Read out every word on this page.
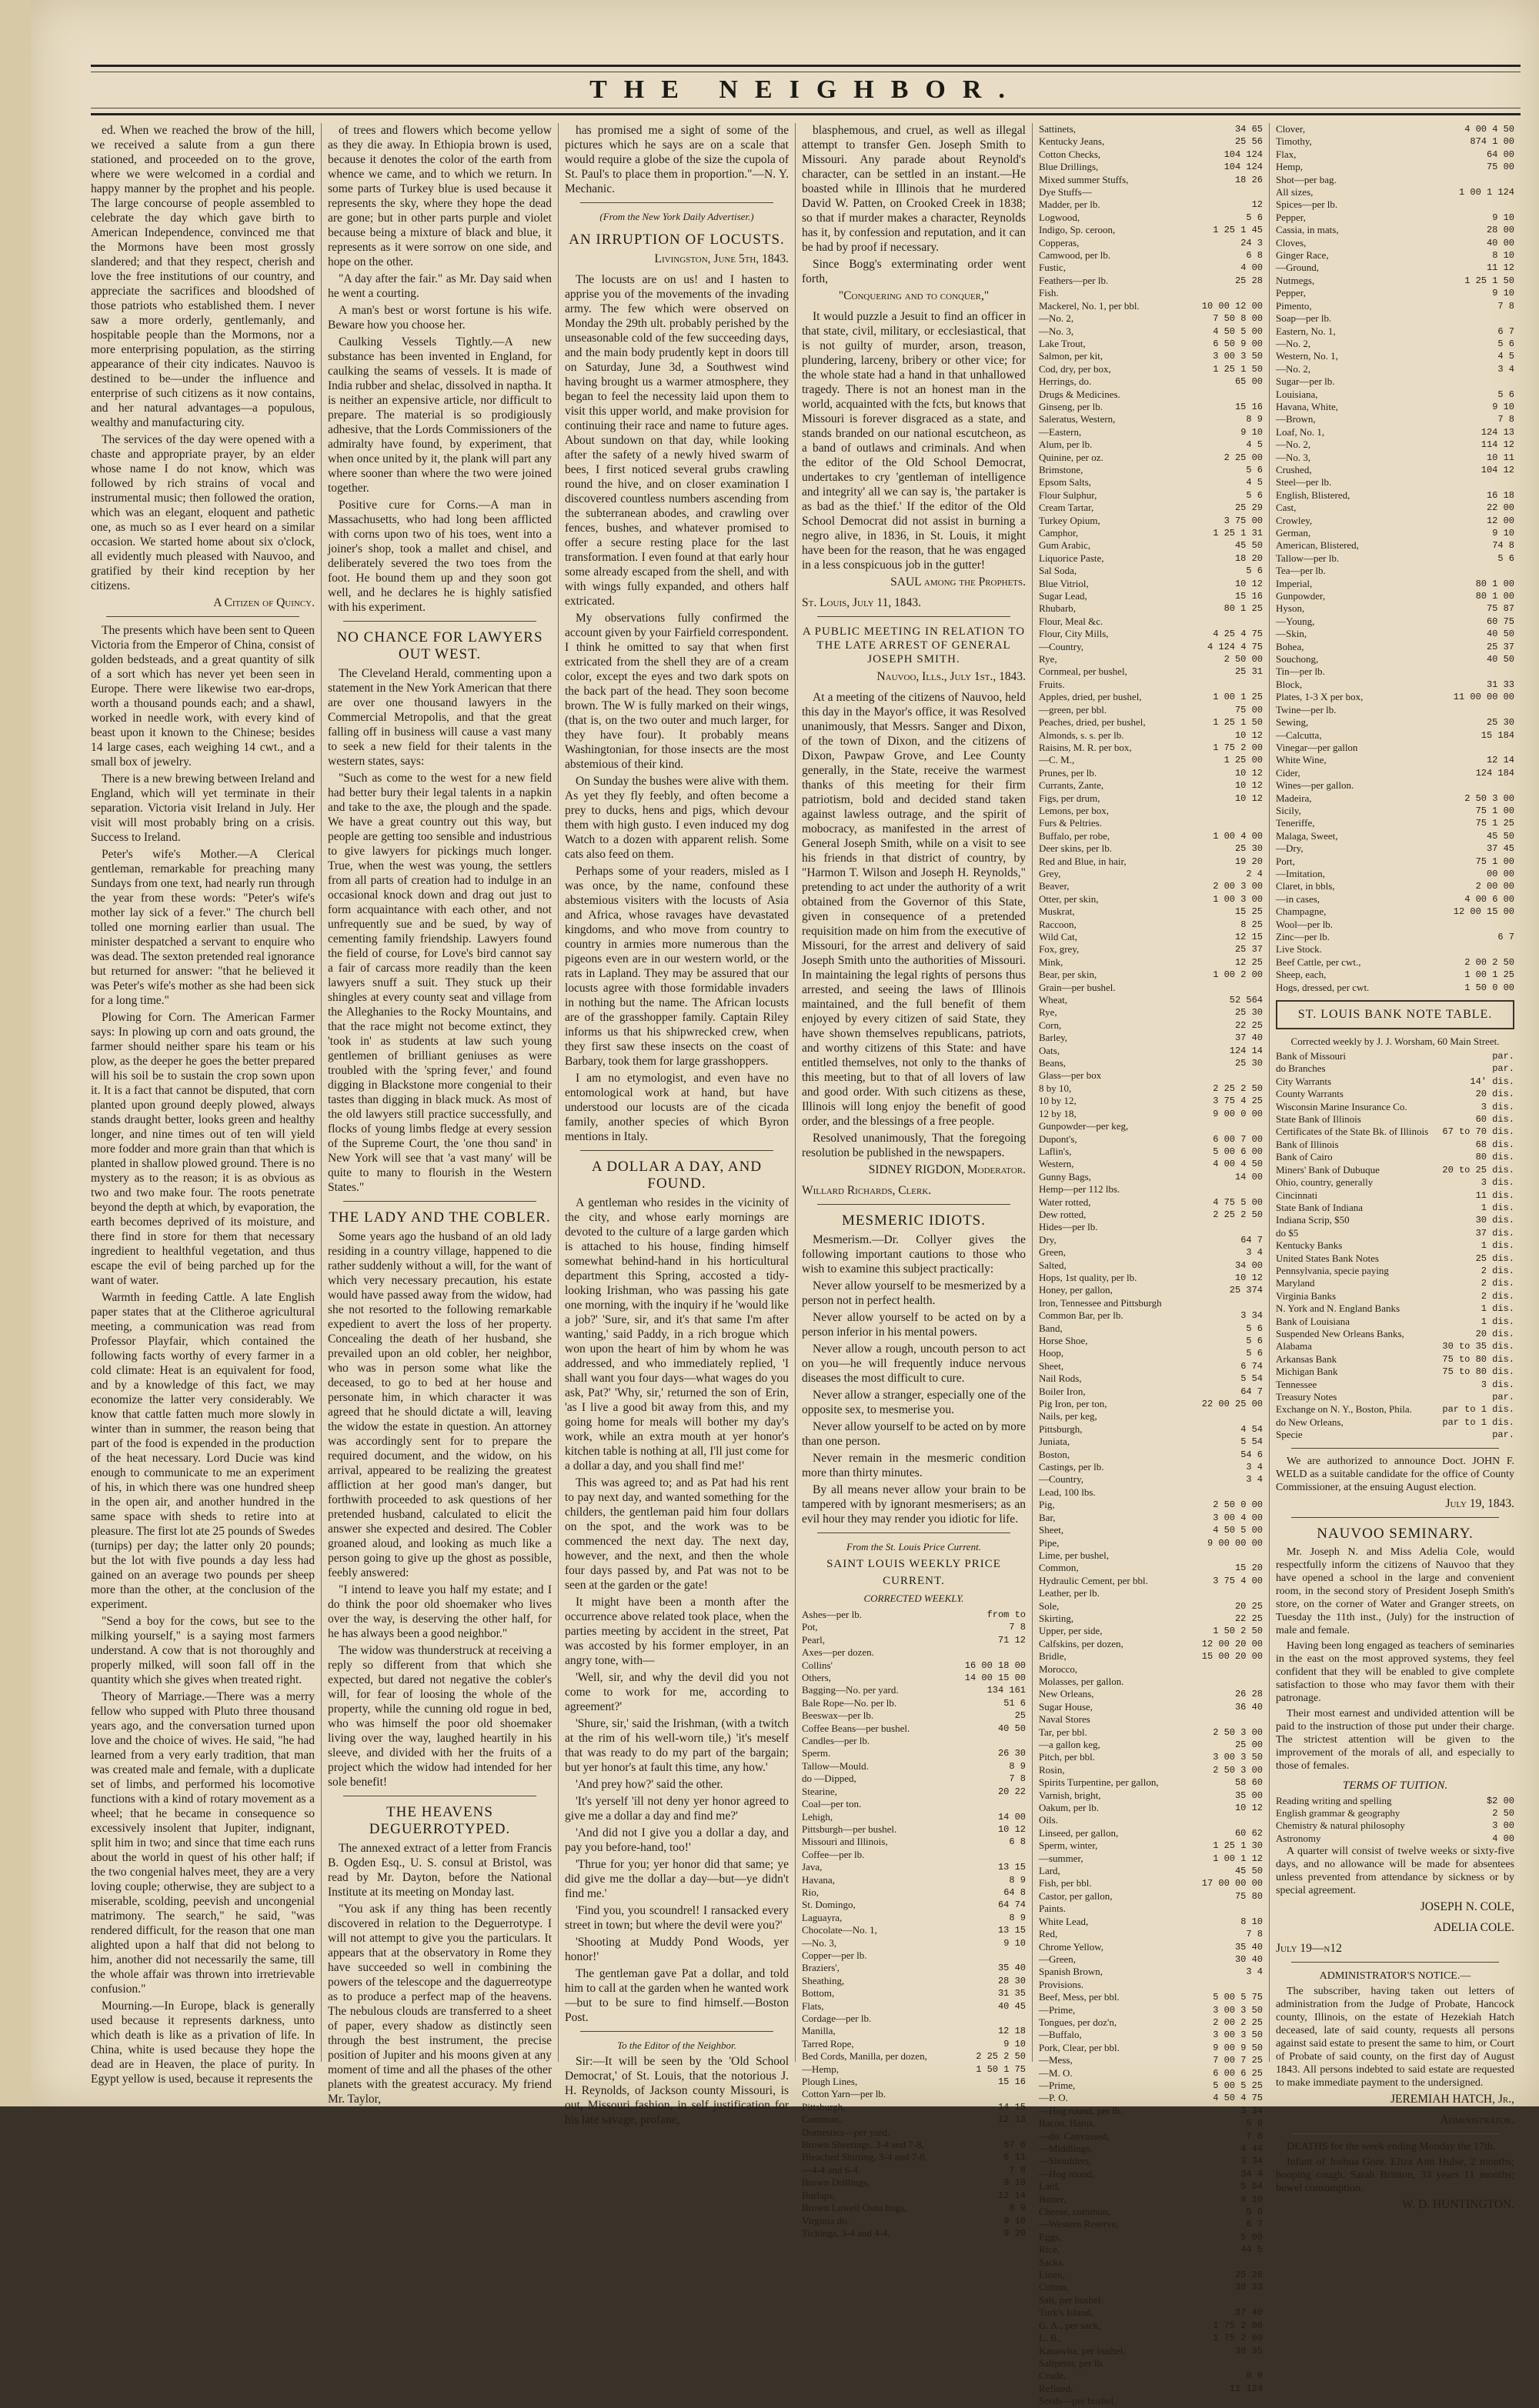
THE NEIGHBOR.

ed. When we reached the brow of the hill, we received a salute from a gun there stationed, and proceeded on to the grove, where we were welcomed in a cordial and happy manner by the prophet and his people. The large concourse of people assembled to celebrate the day which gave birth to American Independence, convinced me that the Mormons have been most grossly slandered; and that they respect, cherish and love the free institutions of our country, and appreciate the sacrifices and bloodshed of those patriots who established them. I never saw a more orderly, gentlemanly, and hospitable people than the Mormons, nor a more enterprising population, as the stirring appearance of their city indicates. Nauvoo is destined to be—under the influence and enterprise of such citizens as it now contains, and her natural advantages—a populous, wealthy and manufacturing city.

The services of the day were opened with a chaste and appropriate prayer, by an elder whose name I do not know, which was followed by rich strains of vocal and instrumental music; then followed the oration, which was an elegant, eloquent and pathetic one, as much so as I ever heard on a similar occasion. We started home about six o'clock, all evidently much pleased with Nauvoo, and gratified by their kind reception by her citizens.

A Citizen of Quincy.

The presents which have been sent to Queen Victoria from the Emperor of China, consist of golden bedsteads, and a great quantity of silk of a sort which has never yet been seen in Europe. There were likewise two ear-drops, worth a thousand pounds each; and a shawl, worked in needle work, with every kind of beast upon it known to the Chinese; besides 14 large cases, each weighing 14 cwt., and a small box of jewelry.

There is a new brewing between Ireland and England, which will yet terminate in their separation. Victoria visit Ireland in July. Her visit will most probably bring on a crisis. Success to Ireland.

Peter's wife's Mother.—A Clerical gentleman, remarkable for preaching many Sundays from one text, had nearly run through the year from these words: "Peter's wife's mother lay sick of a fever." The church bell tolled one morning earlier than usual. The minister despatched a servant to enquire who was dead. The sexton pretended real ignorance but returned for answer: "that he believed it was Peter's wife's mother as she had been sick for a long time."

Plowing for Corn. The American Farmer says: In plowing up corn and oats ground, the farmer should neither spare his team or his plow, as the deeper he goes the better prepared will his soil be to sustain the crop sown upon it. It is a fact that cannot be disputed, that corn planted upon ground deeply plowed, always stands draught better, looks green and healthy longer, and nine times out of ten will yield more fodder and more grain than that which is planted in shallow plowed ground. There is no mystery as to the reason; it is as obvious as two and two make four. The roots penetrate beyond the depth at which, by evaporation, the earth becomes deprived of its moisture, and there find in store for them that necessary ingredient to healthful vegetation, and thus escape the evil of being parched up for the want of water.

Warmth in feeding Cattle. A late English paper states that at the Clitheroe agricultural meeting, a communication was read from Professor Playfair, which contained the following facts worthy of every farmer in a cold climate: Heat is an equivalent for food, and by a knowledge of this fact, we may economize the latter very considerably. We know that cattle fatten much more slowly in winter than in summer, the reason being that part of the food is expended in the production of the heat necessary. Lord Ducie was kind enough to communicate to me an experiment of his, in which there was one hundred sheep in the open air, and another hundred in the same space with sheds to retire into at pleasure. The first lot ate 25 pounds of Swedes (turnips) per day; the latter only 20 pounds; but the lot with five pounds a day less had gained on an average two pounds per sheep more than the other, at the conclusion of the experiment.

"Send a boy for the cows, but see to the milking yourself," is a saying most farmers understand. A cow that is not thoroughly and properly milked, will soon fall off in the quantity which she gives when treated right.

Theory of Marriage.—There was a merry fellow who supped with Pluto three thousand years ago, and the conversation turned upon love and the choice of wives. He said, "he had learned from a very early tradition, that man was created male and female, with a duplicate set of limbs, and performed his locomotive functions with a kind of rotary movement as a wheel; that he became in consequence so excessively insolent that Jupiter, indignant, split him in two; and since that time each runs about the world in quest of his other half; if the two congenial halves meet, they are a very loving couple; otherwise, they are subject to a miserable, scolding, peevish and uncongenial matrimony. The search," he said, "was rendered difficult, for the reason that one man alighted upon a half that did not belong to him, another did not necessarily the same, till the whole affair was thrown into irretrievable confusion."

Mourning.—In Europe, black is generally used because it represents darkness, unto which death is like as a privation of life. In China, white is used because they hope the dead are in Heaven, the place of purity. In Egypt yellow is used, because it represents the

of trees and flowers which become yellow as they die away. In Ethiopia brown is used, because it denotes the color of the earth from whence we came, and to which we return. In some parts of Turkey blue is used because it represents the sky, where they hope the dead are gone; but in other parts purple and violet because being a mixture of black and blue, it represents as it were sorrow on one side, and hope on the other.

"A day after the fair." as Mr. Day said when he went a courting.

A man's best or worst fortune is his wife. Beware how you choose her.

Caulking Vessels Tightly.—A new substance has been invented in England, for caulking the seams of vessels. It is made of India rubber and shelac, dissolved in naptha. It is neither an expensive article, nor difficult to prepare. The material is so prodigiously adhesive, that the Lords Commissioners of the admiralty have found, by experiment, that when once united by it, the plank will part any where sooner than where the two were joined together.

Positive cure for Corns.—A man in Massachusetts, who had long been afflicted with corns upon two of his toes, went into a joiner's shop, took a mallet and chisel, and deliberately severed the two toes from the foot. He bound them up and they soon got well, and he declares he is highly satisfied with his experiment.

NO CHANCE FOR LAWYERS OUT WEST.

The Cleveland Herald, commenting upon a statement in the New York American that there are over one thousand lawyers in the Commercial Metropolis, and that the great falling off in business will cause a vast many to seek a new field for their talents in the western states, says:

"Such as come to the west for a new field had better bury their legal talents in a napkin and take to the axe, the plough and the spade. We have a great country out this way, but people are getting too sensible and industrious to give lawyers for pickings much longer. True, when the west was young, the settlers from all parts of creation had to indulge in an occasional knock down and drag out just to form acquaintance with each other, and not unfrequently sue and be sued, by way of cementing family friendship. Lawyers found the field of course, for Love's bird cannot say a fair of carcass more readily than the keen lawyers snuff a suit. They stuck up their shingles at every county seat and village from the Alleghanies to the Rocky Mountains, and that the race might not become extinct, they 'took in' as students at law such young gentlemen of brilliant geniuses as were troubled with the 'spring fever,' and found digging in Blackstone more congenial to their tastes than digging in black muck. As most of the old lawyers still practice successfully, and flocks of young limbs fledge at every session of the Supreme Court, the 'one thou sand' in New York will see that 'a vast many' will be quite to many to flourish in the Western States."

THE LADY AND THE COBLER.

Some years ago the husband of an old lady residing in a country village, happened to die rather suddenly without a will, for the want of which very necessary precaution, his estate would have passed away from the widow, had she not resorted to the following remarkable expedient to avert the loss of her property. Concealing the death of her husband, she prevailed upon an old cobler, her neighbor, who was in person some what like the deceased, to go to bed at her house and personate him, in which character it was agreed that he should dictate a will, leaving the widow the estate in question. An attorney was accordingly sent for to prepare the required document, and the widow, on his arrival, appeared to be realizing the greatest affliction at her good man's danger, but forthwith proceeded to ask questions of her pretended husband, calculated to elicit the answer she expected and desired. The Cobler groaned aloud, and looking as much like a person going to give up the ghost as possible, feebly answered:

"I intend to leave you half my estate; and I do think the poor old shoemaker who lives over the way, is deserving the other half, for he has always been a good neighbor."

The widow was thunderstruck at receiving a reply so different from that which she expected, but dared not negative the cobler's will, for fear of loosing the whole of the property, while the cunning old rogue in bed, who was himself the poor old shoemaker living over the way, laughed heartily in his sleeve, and divided with her the fruits of a project which the widow had intended for her sole benefit!

THE HEAVENS DEGUERROTYPED.

The annexed extract of a letter from Francis B. Ogden Esq., U. S. consul at Bristol, was read by Mr. Dayton, before the National Institute at its meeting on Monday last.

"You ask if any thing has been recently discovered in relation to the Deguerrotype. I will not attempt to give you the particulars. It appears that at the observatory in Rome they have succeeded so well in combining the powers of the telescope and the daguerreotype as to produce a perfect map of the heavens. The nebulous clouds are transferred to a sheet of paper, every shadow as distinctly seen through the best instrument, the precise position of Jupiter and his moons given at any moment of time and all the phases of the other planets with the greatest accuracy. My friend Mr. Taylor,

has promised me a sight of some of the pictures which he says are on a scale that would require a globe of the size the cupola of St. Paul's to place them in proportion."—N. Y. Mechanic.

(From the New York Daily Advertiser.)
AN IRRUPTION OF LOCUSTS.

Livingston, June 5th, 1843.

The locusts are on us! and I hasten to apprise you of the movements of the invading army. The few which were observed on Monday the 29th ult. probably perished by the unseasonable cold of the few succeeding days, and the main body prudently kept in doors till on Saturday, June 3d, a Southwest wind having brought us a warmer atmosphere, they began to feel the necessity laid upon them to visit this upper world, and make provision for continuing their race and name to future ages. About sundown on that day, while looking after the safety of a newly hived swarm of bees, I first noticed several grubs crawling round the hive, and on closer examination I discovered countless numbers ascending from the subterranean abodes, and crawling over fences, bushes, and whatever promised to offer a secure resting place for the last transformation. I even found at that early hour some already escaped from the shell, and with with wings fully expanded, and others half extricated.

My observations fully confirmed the account given by your Fairfield correspondent. I think he omitted to say that when first extricated from the shell they are of a cream color, except the eyes and two dark spots on the back part of the head. They soon become brown. The W is fully marked on their wings, (that is, on the two outer and much larger, for they have four). It probably means Washingtonian, for those insects are the most abstemious of their kind.

On Sunday the bushes were alive with them. As yet they fly feebly, and often become a prey to ducks, hens and pigs, which devour them with high gusto. I even induced my dog Watch to a dozen with apparent relish. Some cats also feed on them.

Perhaps some of your readers, misled as I was once, by the name, confound these abstemious visiters with the locusts of Asia and Africa, whose ravages have devastated kingdoms, and who move from country to country in armies more numerous than the pigeons even are in our western world, or the rats in Lapland. They may be assured that our locusts agree with those formidable invaders in nothing but the name. The African locusts are of the grasshopper family. Captain Riley informs us that his shipwrecked crew, when they first saw these insects on the coast of Barbary, took them for large grasshoppers.

I am no etymologist, and even have no entomological work at hand, but have understood our locusts are of the cicada family, another species of which Byron mentions in Italy.

A DOLLAR A DAY, AND FOUND.

A gentleman who resides in the vicinity of the city, and whose early mornings are devoted to the culture of a large garden which is attached to his house, finding himself somewhat behind-hand in his horticultural department this Spring, accosted a tidy-looking Irishman, who was passing his gate one morning, with the inquiry if he 'would like a job?' 'Sure, sir, and it's that same I'm after wanting,' said Paddy, in a rich brogue which won upon the heart of him by whom he was addressed, and who immediately replied, 'I shall want you four days—what wages do you ask, Pat?' 'Why, sir,' returned the son of Erin, 'as I live a good bit away from this, and my going home for meals will bother my day's work, while an extra mouth at yer honor's kitchen table is nothing at all, I'll just come for a dollar a day, and you shall find me!'

This was agreed to; and as Pat had his rent to pay next day, and wanted something for the childers, the gentleman paid him four dollars on the spot, and the work was to be commenced the next day. The next day, however, and the next, and then the whole four days passed by, and Pat was not to be seen at the garden or the gate!

It might have been a month after the occurrence above related took place, when the parties meeting by accident in the street, Pat was accosted by his former employer, in an angry tone, with—

'Well, sir, and why the devil did you not come to work for me, according to agreement?'

'Shure, sir,' said the Irishman, (with a twitch at the rim of his well-worn tile,) 'it's meself that was ready to do my part of the bargain; but yer honor's at fault this time, any how.'

'And prey how?' said the other.

'It's yerself 'ill not deny yer honor agreed to give me a dollar a day and find me?'

'And did not I give you a dollar a day, and pay you before-hand, too!'

'Thrue for you; yer honor did that same; ye did give me the dollar a day—but—ye didn't find me.'

'Find you, you scoundrel! I ransacked every street in town; but where the devil were you?'

'Shooting at Muddy Pond Woods, yer honor!'

The gentleman gave Pat a dollar, and told him to call at the garden when he wanted work—but to be sure to find himself.—Boston Post.

To the Editor of the Neighbor.

Sir:—It will be seen by the 'Old School Democrat,' of St. Louis, that the notorious J. H. Reynolds, of Jackson county Missouri, is out, Missouri fashion, in self justification for his late savage, profane,

blasphemous, and cruel, as well as illegal attempt to transfer Gen. Joseph Smith to Missouri. Any parade about Reynold's character, can be settled in an instant.—He boasted while in Illinois that he murdered David W. Patten, on Crooked Creek in 1838; so that if murder makes a character, Reynolds has it, by confession and reputation, and it can be had by proof if necessary.

Since Bogg's exterminating order went forth,

"Conquering and to conquer,"

It would puzzle a Jesuit to find an officer in that state, civil, military, or ecclesiastical, that is not guilty of murder, arson, treason, plundering, larceny, bribery or other vice; for the whole state had a hand in that unhallowed tragedy. There is not an honest man in the world, acquainted with the fcts, but knows that Missouri is forever disgraced as a state, and stands branded on our national escutcheon, as a band of outlaws and criminals. And when the editor of the Old School Democrat, undertakes to cry 'gentleman of intelligence and integrity' all we can say is, 'the partaker is as bad as the thief.' If the editor of the Old School Democrat did not assist in burning a negro alive, in 1836, in St. Louis, it might have been for the reason, that he was engaged in a less conspicuous job in the gutter!

SAUL among the Prophets.

St. Louis, July 11, 1843.

A PUBLIC MEETING IN RELATION TO THE LATE ARREST OF GENERAL JOSEPH SMITH.

Nauvoo, Ills., July 1st., 1843.

At a meeting of the citizens of Nauvoo, held this day in the Mayor's office, it was Resolved unanimously, that Messrs. Sanger and Dixon, of the town of Dixon, and the citizens of Dixon, Pawpaw Grove, and Lee County generally, in the State, receive the warmest thanks of this meeting for their firm patriotism, bold and decided stand taken against lawless outrage, and the spirit of mobocracy, as manifested in the arrest of General Joseph Smith, while on a visit to see his friends in that district of country, by "Harmon T. Wilson and Joseph H. Reynolds," pretending to act under the authority of a writ obtained from the Governor of this State, given in consequence of a pretended requisition made on him from the executive of Missouri, for the arrest and delivery of said Joseph Smith unto the authorities of Missouri. In maintaining the legal rights of persons thus arrested, and seeing the laws of Illinois maintained, and the full benefit of them enjoyed by every citizen of said State, they have shown themselves republicans, patriots, and worthy citizens of this State: and have entitled themselves, not only to the thanks of this meeting, but to that of all lovers of law and good order. With such citizens as these, Illinois will long enjoy the benefit of good order, and the blessings of a free people.

Resolved unanimously, That the foregoing resolution be published in the newspapers.

SIDNEY RIGDON, Moderator.

Willard Richards, Clerk.

MESMERIC IDIOTS.

Mesmerism.—Dr. Collyer gives the following important cautions to those who wish to examine this subject practically:

Never allow yourself to be mesmerized by a person not in perfect health.

Never allow yourself to be acted on by a person inferior in his mental powers.

Never allow a rough, uncouth person to act on you—he will frequently induce nervous diseases the most difficult to cure.

Never allow a stranger, especially one of the opposite sex, to mesmerise you.

Never allow yourself to be acted on by more than one person.

Never remain in the mesmeric condition more than thirty minutes.

By all means never allow your brain to be tampered with by ignorant mesmerisers; as an evil hour they may render you idiotic for life.

From the St. Louis Price Current.
SAINT LOUIS WEEKLY PRICE CURRENT.
CORRECTED WEEKLY.
Ashes—per lb.	from to
Pot,	7 8
Pearl,	71 12
Axes—per dozen.
Collins'	16 00 18 00
Others,	14 00 15 00
Bagging—No. per yard.	134 161
Bale Rope—No. per lb.	51 6
Beeswax—per lb.	25
Coffee Beans—per bushel.	40 50
Candles—per lb.
Sperm.	26 30
Tallow—Mould.	8 9
do —Dipped,	7 8
Stearine,	20 22
Coal—per ton.
Lehigh,	14 00
Pittsburgh—per bushel.	10 12
Missouri and Illinois,	6 8
Coffee—per lb.
Java,	13 15
Havana,	8 9
Rio,	64 8
St. Domingo,	64 74
Laguayra,	8 9
Chocolate—No. 1,	13 15
—No. 3,	9 10
Copper—per lb.
Braziers',	35 40
Sheathing,	28 30
Bottom,	31 35
Flats,	40 45
Cordage—per lb.
Manilla,	12 18
Tarred Rope,	9 10
Bed Cords, Manilla, per dozen,	2 25 2 50
—Hemp,	1 50 1 75
Plough Lines,	15 16
Cotton Yarn—per lb.
Pittsburgh,	14 15
Common,	12 13
Domestics—per yard.
Brown Sheetings, 3-4 and 7-8,	57 6
Bleached Shirting, 3-4 and 7-8,	6 11
—4-4 and 6-4,	7 8
Brown Drillings,	9 10
Burlaps,	12 14
Brown Lowell Osna bugs,	8 9
Virginia do.	9 10
Tickings, 3-4 and 4-4,	9 20
Sattinets,	34 65
Kentucky Jeans,	25 56
Cotton Checks,	104 124
Blue Drillings,	104 124
Mixed summer Stuffs,	18 26
Dye Stuffs—
Madder, per lb.	12
Logwood,	5 6
Indigo, Sp. ceroon,	1 25 1 45
Copperas,	24 3
Camwood, per lb.	6 8
Fustic,	4 00
Feathers—per lb.	25 28
Fish.
Mackerel, No. 1, per bbl.	10 00 12 00
—No. 2,	7 50 8 00
—No. 3,	4 50 5 00
Lake Trout,	6 50 9 00
Salmon, per kit,	3 00 3 50
Cod, dry, per box,	1 25 1 50
Herrings, do.	65 00
Drugs & Medicines.
Ginseng, per lb.	15 16
Saleratus, Western,	8 9
—Eastern,	9 10
Alum, per lb.	4 5
Quinine, per oz.	2 25 00
Brimstone,	5 6
Epsom Salts,	4 5
Flour Sulphur,	5 6
Cream Tartar,	25 29
Turkey Opium,	3 75 00
Camphor,	1 25 1 31
Gum Arabic,	45 50
Liquorice Paste,	18 20
Sal Soda,	5 6
Blue Vitriol,	10 12
Sugar Lead,	15 16
Rhubarb,	80 1 25
Flour, Meal &c.
Flour, City Mills,	4 25 4 75
—Country,	4 124 4 75
Rye,	2 50 00
Cornmeal, per bushel,	25 31
Fruits.
Apples, dried, per bushel,	1 00 1 25
—green, per bbl.	75 00
Peaches, dried, per bushel,	1 25 1 50
Almonds, s. s. per lb.	10 12
Raisins, M. R. per box,	1 75 2 00
—C. M.,	1 25 00
Prunes, per lb.	10 12
Currants, Zante,	10 12
Figs, per drum,	10 12
Lemons, per box,
Furs & Peltries.
Buffalo, per robe,	1 00 4 00
Deer skins, per lb.	25 30
Red and Blue, in hair,	19 20
Grey,	2 4
Beaver,	2 00 3 00
Otter, per skin,	1 00 3 00
Muskrat,	15 25
Raccoon,	8 25
Wild Cat,	12 15
Fox, grey,	25 37
Mink,	12 25
Bear, per skin,	1 00 2 00
Grain—per bushel.
Wheat,	52 564
Rye,	25 30
Corn,	22 25
Barley,	37 40
Oats,	124 14
Beans,	25 30
Glass—per box
8 by 10,	2 25 2 50
10 by 12,	3 75 4 25
12 by 18,	9 00 0 00
Gunpowder—per keg,
Dupont's,	6 00 7 00
Laflin's,	5 00 6 00
Western,	4 00 4 50
Gunny Bags,	14 00
Hemp—per 112 lbs.
Water rotted,	4 75 5 00
Dew rotted,	2 25 2 50
Hides—per lb.
Dry,	64 7
Green,	3 4
Salted,	34 00
Hops, 1st quality, per lb.	10 12
Honey, per gallon,	25 374
Iron, Tennessee and Pittsburgh
Common Bar, per lb.	3 34
Band,	5 6
Horse Shoe,	5 6
Hoop,	5 6
Sheet,	6 74
Nail Rods,	5 54
Boiler Iron,	64 7
Pig Iron, per ton,	22 00 25 00
Nails, per keg,
Pittsburgh,	4 54
Juniata,	5 54
Boston,	54 6
Castings, per lb.	3 4
—Country,	3 4
Lead, 100 lbs.
Pig,	2 50 0 00
Bar,	3 00 4 00
Sheet,	4 50 5 00
Pipe,	9 00 00 00
Lime, per bushel,
Common,	15 20
Hydraulic Cement, per bbl.	3 75 4 00
Leather, per lb.
Sole,	20 25
Skirting,	22 25
Upper, per side,	1 50 2 50
Calfskins, per dozen,	12 00 20 00
Bridle,	15 00 20 00
Morocco,
Molasses, per gallon.
New Orleans,	26 28
Sugar House,	36 40
Naval Stores
Tar, per bbl.	2 50 3 00
—a gallon keg,	25 00
Pitch, per bbl.	3 00 3 50
Rosin,	2 50 3 00
Spirits Turpentine, per gallon,	58 60
Varnish, bright,	35 00
Oakum, per lb.	10 12
Oils.
Linseed, per gallon,	60 62
Sperm, winter,	1 25 1 30
—summer,	1 00 1 12
Lard,	45 50
Fish, per bbl.	17 00 00 00
Castor, per gallon,	75 80
Paints.
White Lead,	8 10
Red,	7 8
Chrome Yellow,	35 40
—Green,	30 40
Spanish Brown,	3 4
Provisions.
Beef, Mess, per bbl.	5 00 5 75
—Prime,	3 00 3 50
Tongues, per doz'n,	2 00 2 25
—Buffalo,	3 00 3 50
Pork, Clear, per bbl.	9 00 9 50
—Mess,	7 00 7 25
—M. O.	6 00 6 25
—Prime,	5 00 5 25
—P. O.	4 50 4 75
—Hog round, per lb.	3 34
Bacon, Hams,	5 6
—do. Canvassed,	7 8
—Middlings,	4 44
—Shoulders,	3 34
—Hog round,	34 4
Lard,	5 54
Butter,	8 10
Cheese, common,	5 6
—Western Reserve,	6 7
Eggs,	5 00
Rice,	44 5
Sacks.
Linen,	25 26
Cotton,	30 33
Salt, per bushel.
Turk's Island,	37 40
G. A., per sack,	1 75 2 00
L. B.,	1 75 2 00
Kanawha, per bushel,	30 35
Saltpeter, per lb.
Crude,	8 9
Refined,	11 124
Seeds—per bushel.
Clover,	4 00 4 50
Timothy,	874 1 00
Flax,	64 00
Hemp,	75 00
Shot—per bag.
All sizes,	1 00 1 124
Spices—per lb.
Pepper,	9 10
Cassia, in mats,	28 00
Cloves,	40 00
Ginger Race,	8 10
—Ground,	11 12
Nutmegs,	1 25 1 50
Pepper,	9 10
Pimento,	7 8
Soap—per lb.
Eastern, No. 1,	6 7
—No. 2,	5 6
Western, No. 1,	4 5
—No. 2,	3 4
Sugar—per lb.
Louisiana,	5 6
Havana, White,	9 10
—Brown,	7 8
Loaf, No. 1,	124 13
—No. 2,	114 12
—No. 3,	10 11
Crushed,	104 12
Steel—per lb.
English, Blistered,	16 18
Cast,	22 00
Crowley,	12 00
German,	9 10
American, Blistered,	74 8
Tallow—per lb.	5 6
Tea—per lb.
Imperial,	80 1 00
Gunpowder,	80 1 00
Hyson,	75 87
—Young,	60 75
—Skin,	40 50
Bohea,	25 37
Souchong,	40 50
Tin—per lb.
Block,	31 33
Plates, 1-3 X per box,	11 00 00 00
Twine—per lb.
Sewing,	25 30
—Calcutta,	15 184
Vinegar—per gallon
White Wine,	12 14
Cider,	124 184
Wines—per gallon.
Madeira,	2 50 3 00
Sicily,	75 1 00
Teneriffe,	75 1 25
Malaga, Sweet,	45 50
—Dry,	37 45
Port,	75 1 00
—Imitation,	00 00
Claret, in bbls,	2 00 00
—in cases,	4 00 6 00
Champagne,	12 00 15 00
Wool—per lb.
Zinc—per lb.	6 7
Live Stock.
Beef Cattle, per cwt.,	2 00 2 50
Sheep, each,	1 00 1 25
Hogs, dressed, per cwt.	1 50 0 00
ST. LOUIS BANK NOTE TABLE.

Corrected weekly by J. J. Worsham, 60 Main Street.

Bank of Missouri	par.
do Branches	par.
City Warrants	14' dis.
County Warrants	20 dis.
Wisconsin Marine Insurance Co.	3 dis.
State Bank of Illinois	60 dis.
Certificates of the State Bk. of Illinois 67 to 70 dis.
Bank of Illinois	68 dis.
Bank of Cairo	80 dis.
Miners' Bank of Dubuque	20 to 25 dis.
Ohio, country, generally	3 dis.
Cincinnati	11 dis.
State Bank of Indiana	1 dis.
Indiana Scrip, $50	30 dis.
do $5	37 dis.
Kentucky Banks	1 dis.
United States Bank Notes	25 dis.
Pennsylvania, specie paying	2 dis.
Maryland	2 dis.
Virginia Banks	2 dis.
N. York and N. England Banks	1 dis.
Bank of Louisiana	1 dis.
Suspended New Orleans Banks,	20 dis.
Alabama	30 to 35 dis.
Arkansas Bank	75 to 80 dis.
Michigan Bank	75 to 80 dis.
Tennessee	3 dis.
Treasury Notes	par.
Exchange on N. Y., Boston, Phila.	par to 1 dis.
do New Orleans,	par to 1 dis.
Specie	par.

We are authorized to announce Doct. JOHN F. WELD as a suitable candidate for the office of County Commissioner, at the ensuing August election.

July 19, 1843.

NAUVOO SEMINARY.

Mr. Joseph N. and Miss Adelia Cole, would respectfully inform the citizens of Nauvoo that they have opened a school in the large and convenient room, in the second story of President Joseph Smith's store, on the corner of Water and Granger streets, on Tuesday the 11th inst., (July) for the instruction of male and female.

Having been long engaged as teachers of seminaries in the east on the most approved systems, they feel confident that they will be enabled to give complete satisfaction to those who may favor them with their patronage.

Their most earnest and undivided attention will be paid to the instruction of those put under their charge. The strictest attention will be given to the improvement of the morals of all, and especially to those of females.

TERMS OF TUITION.
Reading writing and spelling	$2 00
English grammar & geography	2 50
Chemistry & natural philosophy	3 00
Astronomy	4 00

A quarter will consist of twelve weeks or sixty-five days, and no allowance will be made for absentees unless prevented from attendance by sickness or by special agreement.

JOSEPH N. COLE,

ADELIA COLE.

July 19—n12

ADMINISTRATOR'S NOTICE.—

The subscriber, having taken out letters of administration from the Judge of Probate, Hancock county, Illinois, on the estate of Hezekiah Hatch deceased, late of said county, requests all persons against said estate to present the same to him, or Court of Probate of said county, on the first day of August 1843. All persons indebted to said estate are requested to make immediate payment to the undersigned.

JEREMIAH HATCH, Jr.,

Administrator.

DEATHS for the week ending Monday the 17th.

Infant of Joshua Gore. Eliza Ann Hulse, 2 months; hooping cough. Sarah Brinton, 33 years 11 months; bowel consumption.

W. D. HUNTINGTON.
